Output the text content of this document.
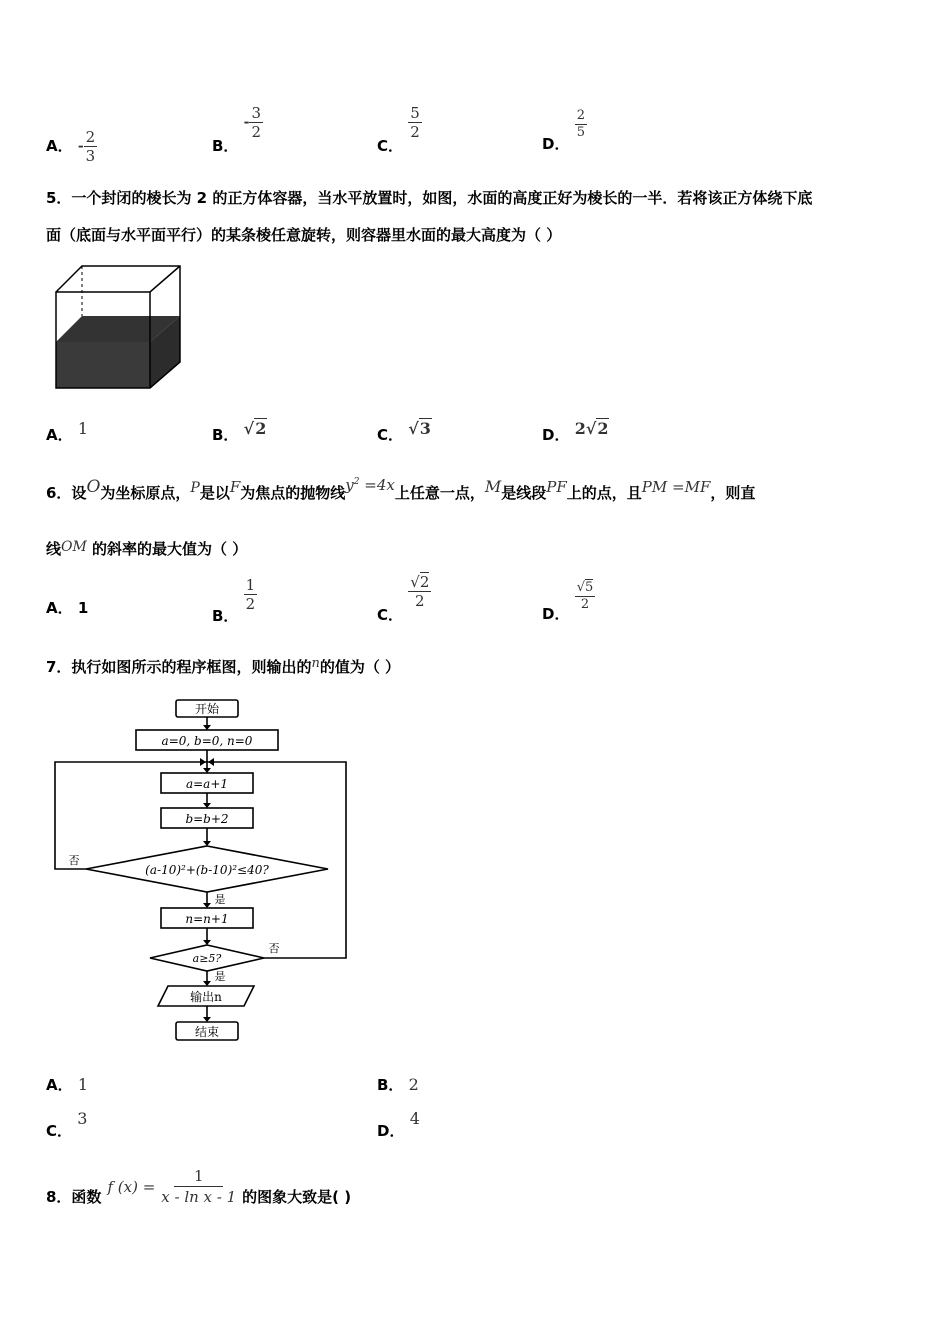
A． - $\frac{2}{3}$	B． - $\frac{3}{2}$
C．
$\frac{5}{2}$
D．
$\frac{2}{5}$
5．一个封闭的棱长为 2 的正方体容器，当水平放置时，如图，水面的高度正好为棱长的一半．若将该正方体绕下底
面（底面与水平面平行）的某条棱任意旋转，则容器里水面的最大高度为（ ）
A． 1	B． √2	C． √3	D． 2√2
6．设O为坐标原点，P是以F为焦点的抛物线$y^2 =4x$上任意一点，M是线段PF上的点，且PM =MF，则直
线OM 的斜率的最大值为（ ）
A． 1	B．
$\frac{1}{2}$
C．
$\frac{√2}{2}$
D．
$\frac{√5}{2}$
7．执行如图所示的程序框图，则输出的n的值为（ ）
开始
a=0, b=0, n=0
a=a+1
b=b+2
(a-10)²+(b-10)²≤40?
是
否
n=n+1
a≥5?
否
是
输出n
结束
A． 1	B． 2
C． 3
D． 4
8．函数
f $(x) = \frac{1}{\text{x - ln x - 1}}$ 的图象大致是( )
